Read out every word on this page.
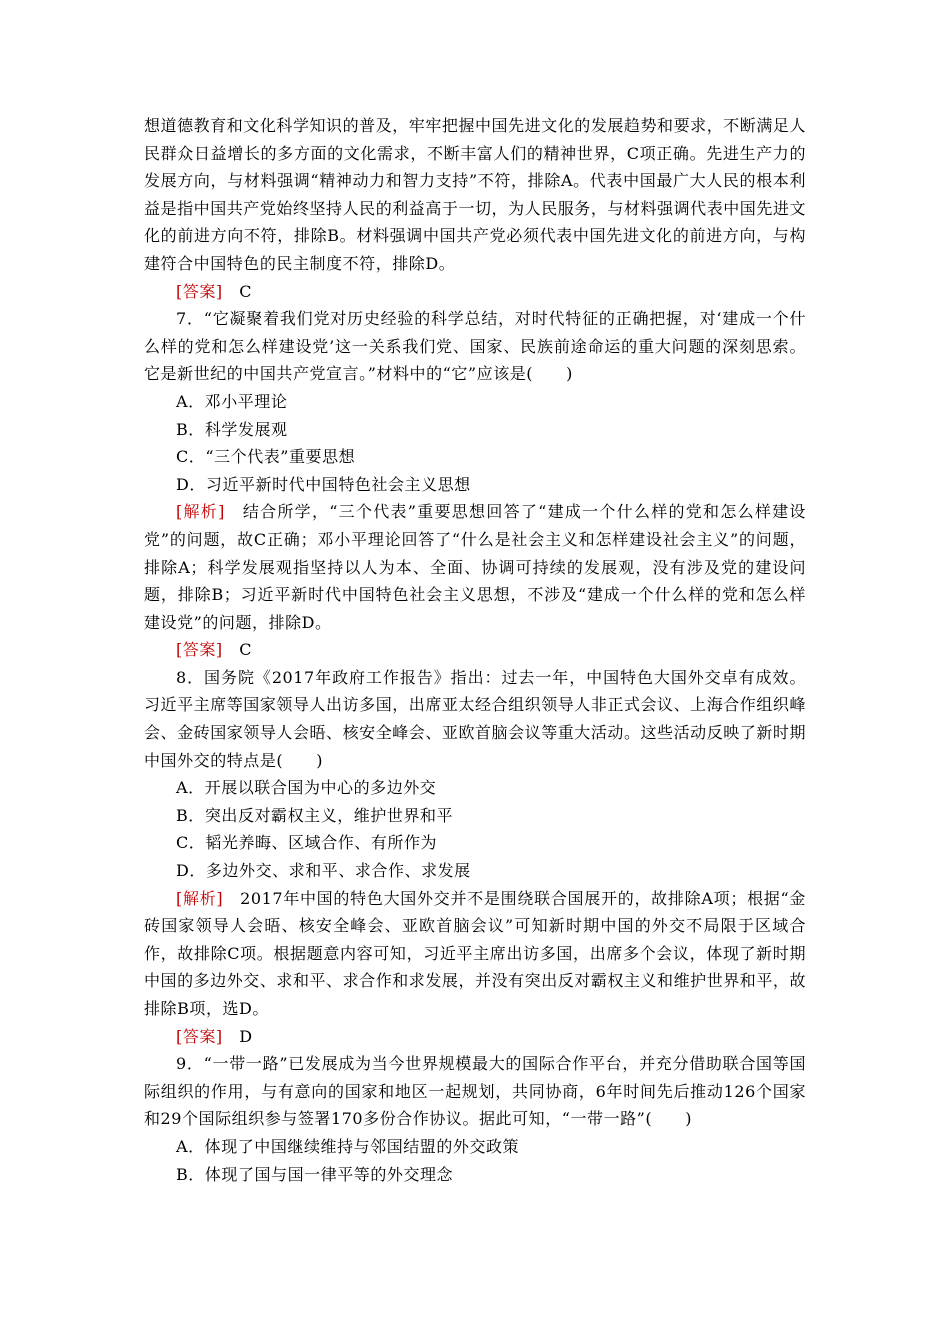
想道德教育和文化科学知识的普及，牢牢把握中国先进文化的发展趋势和要求，不断满足人民群众日益增长的多方面的文化需求，不断丰富人们的精神世界，C项正确。先进生产力的发展方向，与材料强调“精神动力和智力支持”不符，排除A。代表中国最广大人民的根本利益是指中国共产党始终坚持人民的利益高于一切，为人民服务，与材料强调代表中国先进文化的前进方向不符，排除B。材料强调中国共产党必须代表中国先进文化的前进方向，与构建符合中国特色的民主制度不符，排除D。

[答案]　 C

7．“它凝聚着我们党对历史经验的科学总结，对时代特征的正确把握，对‘建成一个什么样的党和怎么样建设党’这一关系我们党、国家、民族前途命运的重大问题的深刻思索。它是新世纪的中国共产党宣言。”材料中的“它”应该是(　　)

A．邓小平理论

B．科学发展观

C．“三个代表”重要思想

D．习近平新时代中国特色社会主义思想

[解析]　 结合所学，“三个代表”重要思想回答了“建成一个什么样的党和怎么样建设党”的问题，故C正确；邓小平理论回答了“什么是社会主义和怎样建设社会主义”的问题，排除A；科学发展观指坚持以人为本、全面、协调可持续的发展观，没有涉及党的建设问题，排除B；习近平新时代中国特色社会主义思想，不涉及“建成一个什么样的党和怎么样建设党”的问题，排除D。

[答案]　 C

8．国务院《2017年政府工作报告》指出：过去一年，中国特色大国外交卓有成效。习近平主席等国家领导人出访多国，出席亚太经合组织领导人非正式会议、上海合作组织峰会、金砖国家领导人会晤、核安全峰会、亚欧首脑会议等重大活动。这些活动反映了新时期中国外交的特点是(　　)

A．开展以联合国为中心的多边外交

B．突出反对霸权主义，维护世界和平

C．韬光养晦、区域合作、有所作为

D．多边外交、求和平、求合作、求发展

[解析]　 2017年中国的特色大国外交并不是围绕联合国展开的，故排除A项；根据“金砖国家领导人会晤、核安全峰会、亚欧首脑会议”可知新时期中国的外交不局限于区域合作，故排除C项。根据题意内容可知，习近平主席出访多国，出席多个会议，体现了新时期中国的多边外交、求和平、求合作和求发展，并没有突出反对霸权主义和维护世界和平，故排除B项，选D。

[答案]　 D

9．“一带一路”已发展成为当今世界规模最大的国际合作平台，并充分借助联合国等国际组织的作用，与有意向的国家和地区一起规划，共同协商，6年时间先后推动126个国家和29个国际组织参与签署170多份合作协议。据此可知，“一带一路”(　　)

A．体现了中国继续维持与邻国结盟的外交政策

B．体现了国与国一律平等的外交理念
